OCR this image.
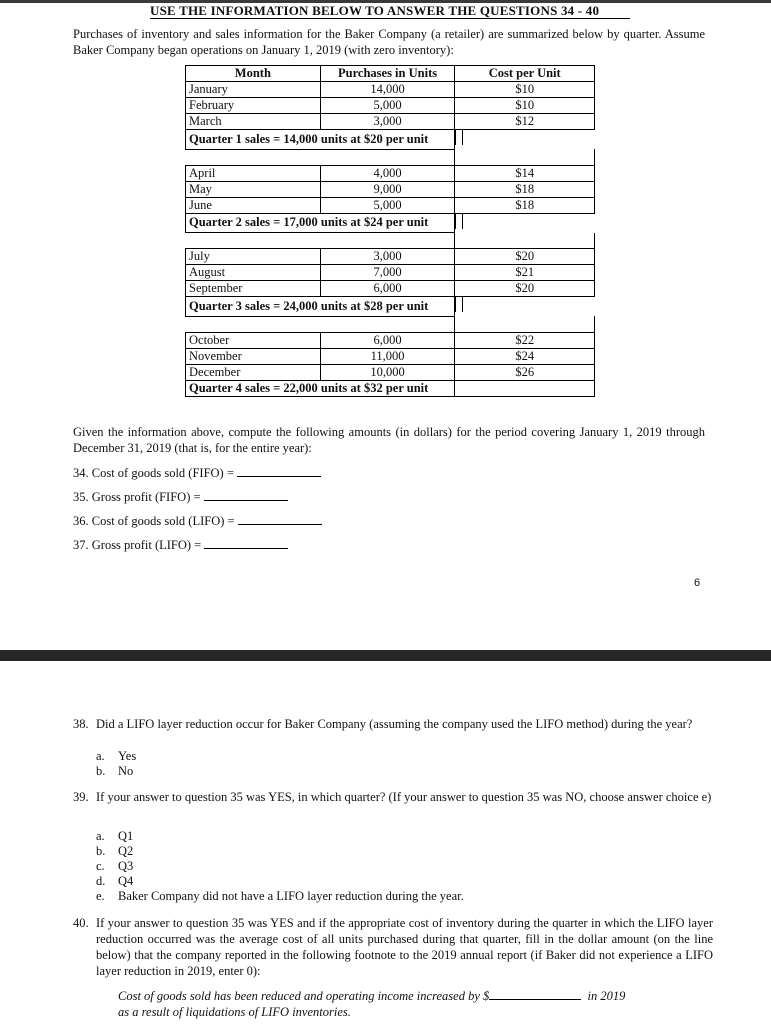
USE THE INFORMATION BELOW TO ANSWER THE QUESTIONS 34 - 40
Purchases of inventory and sales information for the Baker Company (a retailer) are summarized below by quarter. Assume Baker Company began operations on January 1, 2019 (with zero inventory):
Month	Purchases in Units	Cost per Unit
January	14,000	$10
February	5,000	$10
March	3,000	$12
Quarter 1 sales = 14,000 units at $20 per unit		

April	4,000	$14
May	9,000	$18
June	5,000	$18
Quarter 2 sales = 17,000 units at $24 per unit		

July	3,000	$20
August	7,000	$21
September	6,000	$20
Quarter 3 sales = 24,000 units at $28 per unit		

October	6,000	$22
November	11,000	$24
December	10,000	$26
Quarter 4 sales = 22,000 units at $32 per unit		
Given the information above, compute the following amounts (in dollars) for the period covering January 1, 2019 through December 31, 2019 (that is, for the entire year):
34. Cost of goods sold (FIFO) =
35. Gross profit (FIFO) =
36. Cost of goods sold (LIFO) =
37. Gross profit (LIFO) =
6
38. Did a LIFO layer reduction occur for Baker Company (assuming the company used the LIFO method) during the year?
a.	Yes
b.	No
39. If your answer to question 35 was YES, in which quarter? (If your answer to question 35 was NO, choose answer choice e)
a.	Q1
b.	Q2
c.	Q3
d.	Q4
e.	Baker Company did not have a LIFO layer reduction during the year.
40. If your answer to question 35 was YES and if the appropriate cost of inventory during the quarter in which the LIFO layer reduction occurred was the average cost of all units purchased during that quarter, fill in the dollar amount (on the line below) that the company reported in the following footnote to the 2019 annual report (if Baker did not experience a LIFO layer reduction in 2019, enter 0):
Cost of goods sold has been reduced and operating income increased by $	in 2019
as a result of liquidations of LIFO inventories.
